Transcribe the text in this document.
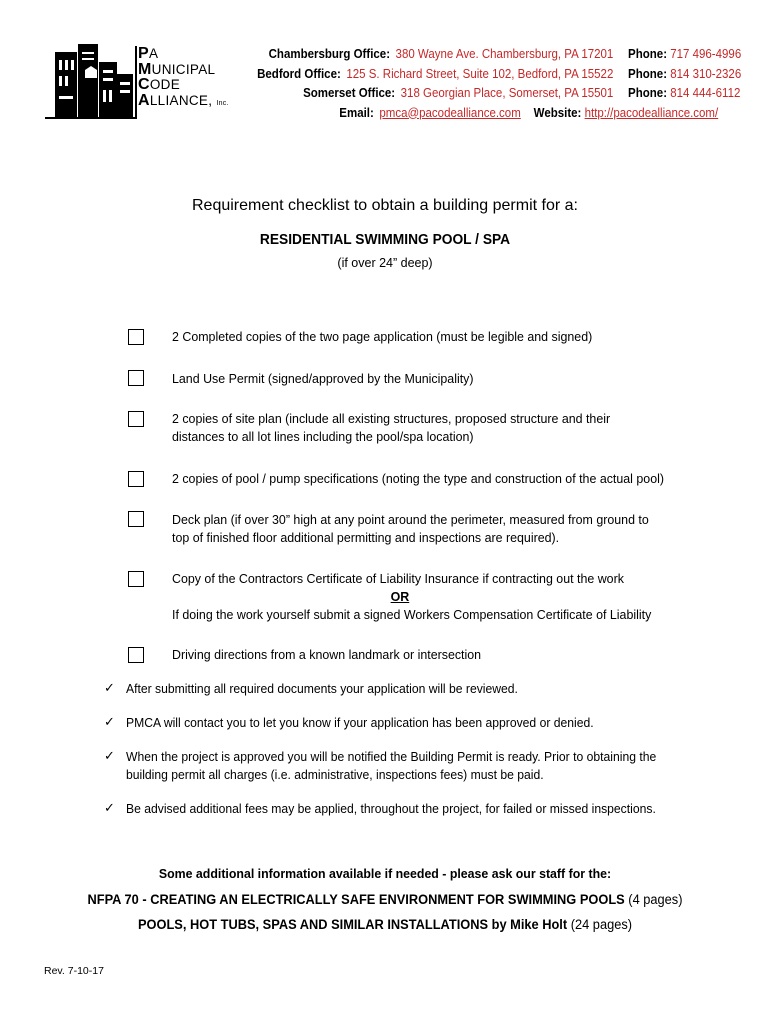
PA
MUNICIPAL
CODE
ALLIANCE, Inc.
Chambersburg Office: 380 Wayne Ave. Chambersburg, PA 17201 Phone: 717 496-4996
Bedford Office: 125 S. Richard Street, Suite 102, Bedford, PA 15522 Phone: 814 310-2326
Somerset Office: 318 Georgian Place, Somerset, PA 15501 Phone: 814 444-6112
Email: pmca@pacodealliance.com Website: http://pacodealliance.com/
Requirement checklist to obtain a building permit for a:
RESIDENTIAL SWIMMING POOL / SPA
(if over 24” deep)
2 Completed copies of the two page application (must be legible and signed)
Land Use Permit (signed/approved by the Municipality)
2 copies of site plan (include all existing structures, proposed structure and their
distances to all lot lines including the pool/spa location)
2 copies of pool / pump specifications (noting the type and construction of the actual pool)
Deck plan (if over 30” high at any point around the perimeter, measured from ground to
top of finished floor additional permitting and inspections are required).
Copy of the Contractors Certificate of Liability Insurance if contracting out the work
OR
If doing the work yourself submit a signed Workers Compensation Certificate of Liability
Driving directions from a known landmark or intersection
✓ After submitting all required documents your application will be reviewed.
✓ PMCA will contact you to let you know if your application has been approved or denied.
✓ When the project is approved you will be notified the Building Permit is ready. Prior to obtaining the
building permit all charges (i.e. administrative, inspections fees) must be paid.
✓ Be advised additional fees may be applied, throughout the project, for failed or missed inspections.
Some additional information available if needed - please ask our staff for the:
NFPA 70 - CREATING AN ELECTRICALLY SAFE ENVIRONMENT FOR SWIMMING POOLS (4 pages)
POOLS, HOT TUBS, SPAS AND SIMILAR INSTALLATIONS by Mike Holt (24 pages)
Rev. 7-10-17
